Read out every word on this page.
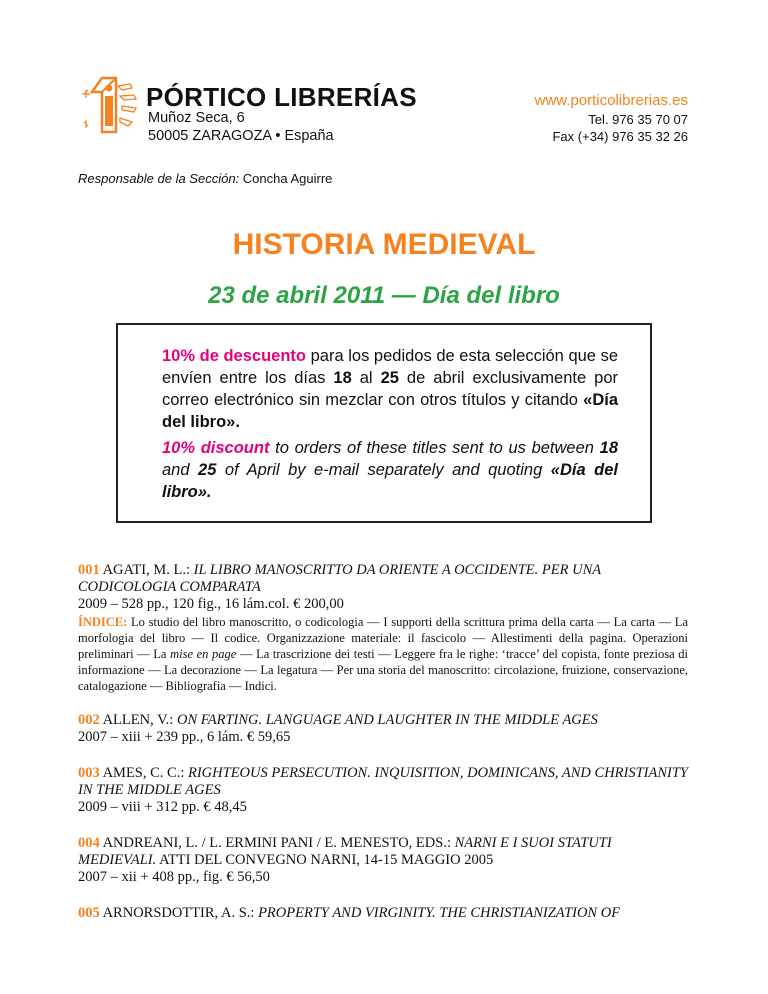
PÓRTICO LIBRERÍAS
Muñoz Seca, 6
50005 ZARAGOZA • España
www.porticolibrerias.es
Tel. 976 35 70 07
Fax (+34) 976 35 32 26
Responsable de la Sección: Concha Aguirre
HISTORIA MEDIEVAL
23 de abril 2011 — Día del libro
10% de descuento para los pedidos de esta selección que se envíen entre los días 18 al 25 de abril exclusivamente por correo electrónico sin mezclar con otros títulos y citando «Día del libro».
10% discount to orders of these titles sent to us between 18 and 25 of April by e-mail separately and quoting «Día del libro».
001 AGATI, M. L.: IL LIBRO MANOSCRITTO DA ORIENTE A OCCIDENTE. PER UNA CODICOLOGIA COMPARATA
2009 – 528 pp., 120 fig., 16 lám.col. € 200,00
ÍNDICE: Lo studio del libro manoscritto, o codicologia — I supporti della scrittura prima della carta — La carta — La morfologia del libro — Il codice. Organizzazione materiale: il fascicolo — Allestimenti della pagina. Operazioni preliminari — La mise en page — La trascrizione dei testi — Leggere fra le righe: ‘tracce’ del copista, fonte preziosa di informazione — La decorazione — La legatura — Per una storia del manoscritto: circolazione, fruizione, conservazione, catalogazione — Bibliografia — Indici.
002 ALLEN, V.: ON FARTING. LANGUAGE AND LAUGHTER IN THE MIDDLE AGES
2007 – xiii + 239 pp., 6 lám. € 59,65
003 AMES, C. C.: RIGHTEOUS PERSECUTION. INQUISITION, DOMINICANS, AND CHRISTIANITY IN THE MIDDLE AGES
2009 – viii + 312 pp. € 48,45
004 ANDREANI, L. / L. ERMINI PANI / E. MENESTO, EDS.: NARNI E I SUOI STATUTI MEDIEVALI. ATTI DEL CONVEGNO NARNI, 14-15 MAGGIO 2005
2007 – xii + 408 pp., fig. € 56,50
005 ARNORSDOTTIR, A. S.: PROPERTY AND VIRGINITY. THE CHRISTIANIZATION OF
